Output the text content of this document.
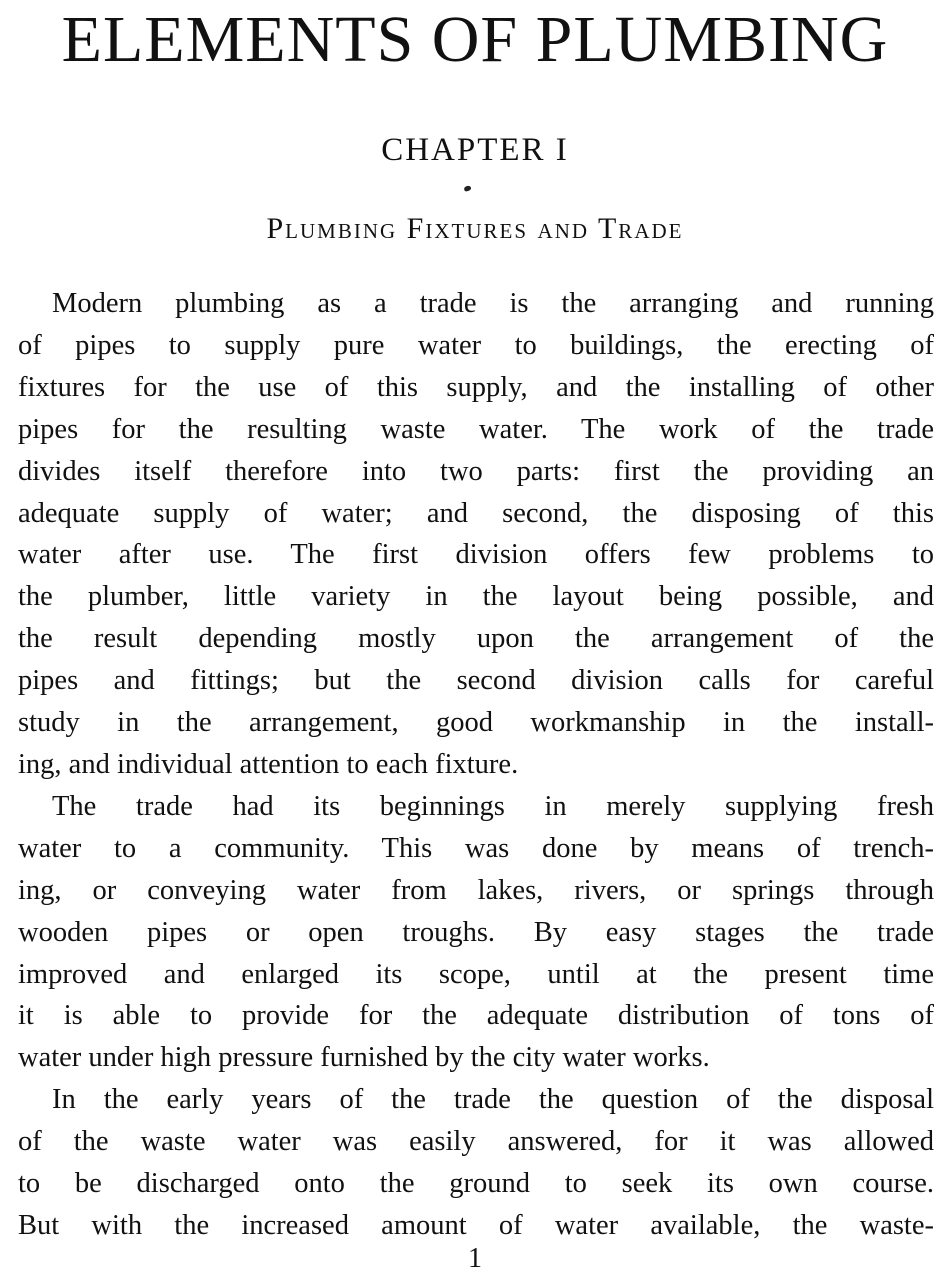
ELEMENTS OF PLUMBING
CHAPTER I
Plumbing Fixtures and Trade

Modern plumbing as a trade is the arranging and running
of pipes to supply pure water to buildings, the erecting of
fixtures for the use of this supply, and the installing of other
pipes for the resulting waste water. The work of the trade
divides itself therefore into two parts: first the providing an
adequate supply of water; and second, the disposing of this
water after use. The first division offers few problems to
the plumber, little variety in the layout being possible, and
the result depending mostly upon the arrangement of the
pipes and fittings; but the second division calls for careful
study in the arrangement, good workmanship in the install-
ing, and individual attention to each fixture.

The trade had its beginnings in merely supplying fresh
water to a community. This was done by means of trench-
ing, or conveying water from lakes, rivers, or springs through
wooden pipes or open troughs. By easy stages the trade
improved and enlarged its scope, until at the present time
it is able to provide for the adequate distribution of tons of
water under high pressure furnished by the city water works.

In the early years of the trade the question of the disposal
of the waste water was easily answered, for it was allowed
to be discharged onto the ground to seek its own course.
But with the increased amount of water available, the waste-

1
